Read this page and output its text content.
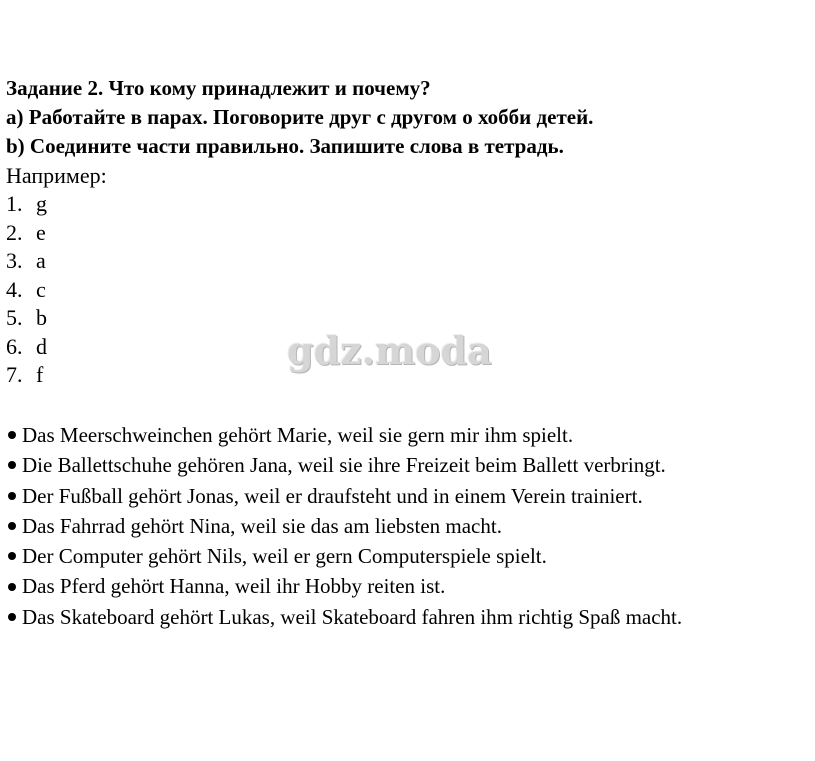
Задание 2. Что кому принадлежит и почему?

а) Работайте в парах. Поговорите друг с другом о хобби детей.

b) Соедините части правильно. Запишите слова в тетрадь.

Например:

1. g
2. e
3. a
4. c
5. b
6. d
7. f
Das Meerschweinchen gehört Marie, weil sie gern mir ihm spielt.
Die Ballettschuhe gehören Jana, weil sie ihre Freizeit beim Ballett verbringt.
Der Fußball gehört Jonas, weil er draufsteht und in einem Verein trainiert.
Das Fahrrad gehört Nina, weil sie das am liebsten macht.
Der Computer gehört Nils, weil er gern Computerspiele spielt.
Das Pferd gehört Hanna, weil ihr Hobby reiten ist.
Das Skateboard gehört Lukas, weil Skateboard fahren ihm richtig Spaß macht.
gdz.moda
